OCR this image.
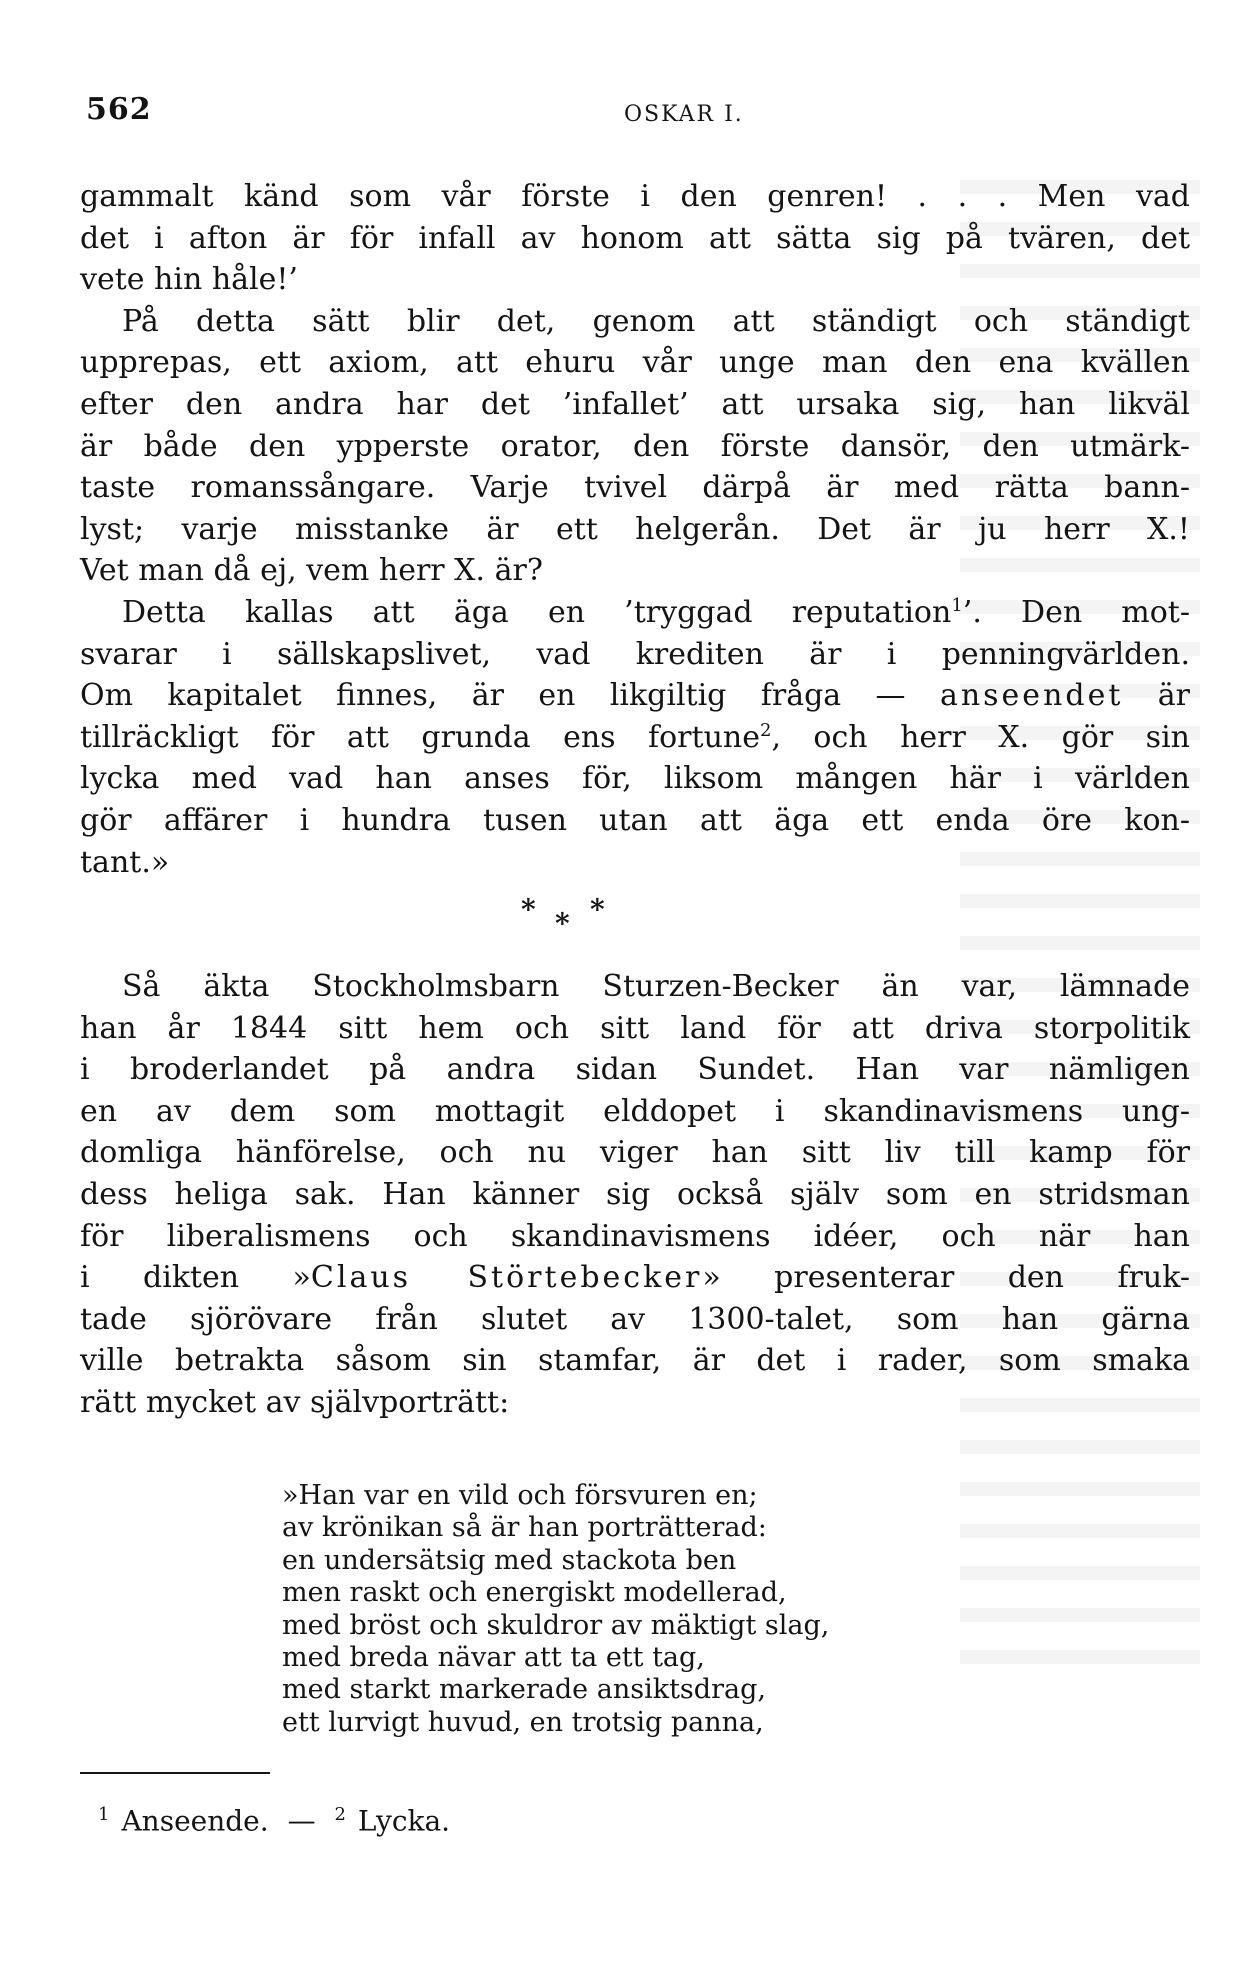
562	OSKAR I.
gammalt känd som vår förste i den genren! . . . Men vad
det i afton är för infall av honom att sätta sig på tvären, det
vete hin håle!’
På detta sätt blir det, genom att ständigt och ständigt
upprepas, ett axiom, att ehuru vår unge man den ena kvällen
efter den andra har det ’infallet’ att ursaka sig, han likväl
är både den ypperste orator, den förste dansör, den utmärk-
taste romanssångare. Varje tvivel därpå är med rätta bann-
lyst; varje misstanke är ett helgerån. Det är ju herr X.!
Vet man då ej, vem herr X. är?
Detta kallas att äga en ’tryggad reputation$^1$’. Den mot-
svarar i sällskapslivet, vad krediten är i penningvärlden.
Om kapitalet finnes, är en likgiltig fråga — anseendet är
tillräckligt för att grunda ens fortune$^2$, och herr X. gör sin
lycka med vad han anses för, liksom mången här i världen
gör affärer i hundra tusen utan att äga ett enda öre kon-
tant.»
* * *
Så äkta Stockholmsbarn Sturzen-Becker än var, lämnade
han år 1844 sitt hem och sitt land för att driva storpolitik
i broderlandet på andra sidan Sundet. Han var nämligen
en av dem som mottagit elddopet i skandinavismens ung-
domliga hänförelse, och nu viger han sitt liv till kamp för
dess heliga sak. Han känner sig också själv som en stridsman
för liberalismens och skandinavismens idéer, och när han
i dikten »Claus Störtebecker» presenterar den fruk-
tade sjörövare från slutet av 1300-talet, som han gärna
ville betrakta såsom sin stamfar, är det i rader, som smaka
rätt mycket av självporträtt:
»Han var en vild och försvuren en;
av krönikan så är han porträtterad:
en undersätsig med stackota ben
men raskt och energiskt modellerad,
med bröst och skuldror av mäktigt slag,
med breda nävar att ta ett tag,
med starkt markerade ansiktsdrag,
ett lurvigt huvud, en trotsig panna,
$^1$ Anseende. — $^2$ Lycka.
